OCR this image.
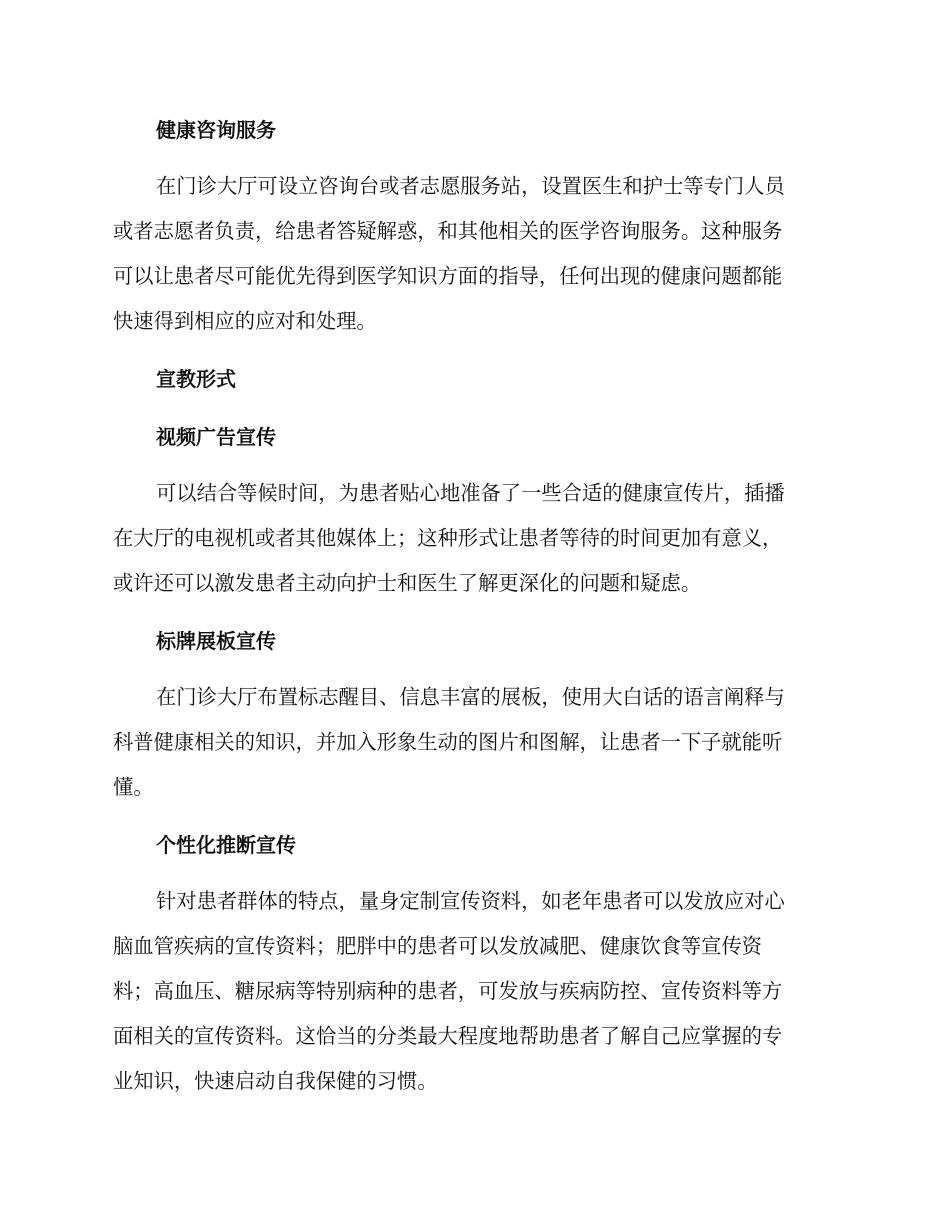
健康咨询服务
在门诊大厅可设立咨询台或者志愿服务站，设置医生和护士等专门人员
或者志愿者负责，给患者答疑解惑，和其他相关的医学咨询服务。这种服务
可以让患者尽可能优先得到医学知识方面的指导，任何出现的健康问题都能
快速得到相应的应对和处理。
宣教形式
视频广告宣传
可以结合等候时间，为患者贴心地准备了一些合适的健康宣传片，插播
在大厅的电视机或者其他媒体上；这种形式让患者等待的时间更加有意义，
或许还可以激发患者主动向护士和医生了解更深化的问题和疑虑。
标牌展板宣传
在门诊大厅布置标志醒目、信息丰富的展板，使用大白话的语言阐释与
科普健康相关的知识，并加入形象生动的图片和图解，让患者一下子就能听
懂。
个性化推断宣传
针对患者群体的特点，量身定制宣传资料，如老年患者可以发放应对心
脑血管疾病的宣传资料；肥胖中的患者可以发放减肥、健康饮食等宣传资
料；高血压、糖尿病等特别病种的患者，可发放与疾病防控、宣传资料等方
面相关的宣传资料。这恰当的分类最大程度地帮助患者了解自己应掌握的专
业知识，快速启动自我保健的习惯。
